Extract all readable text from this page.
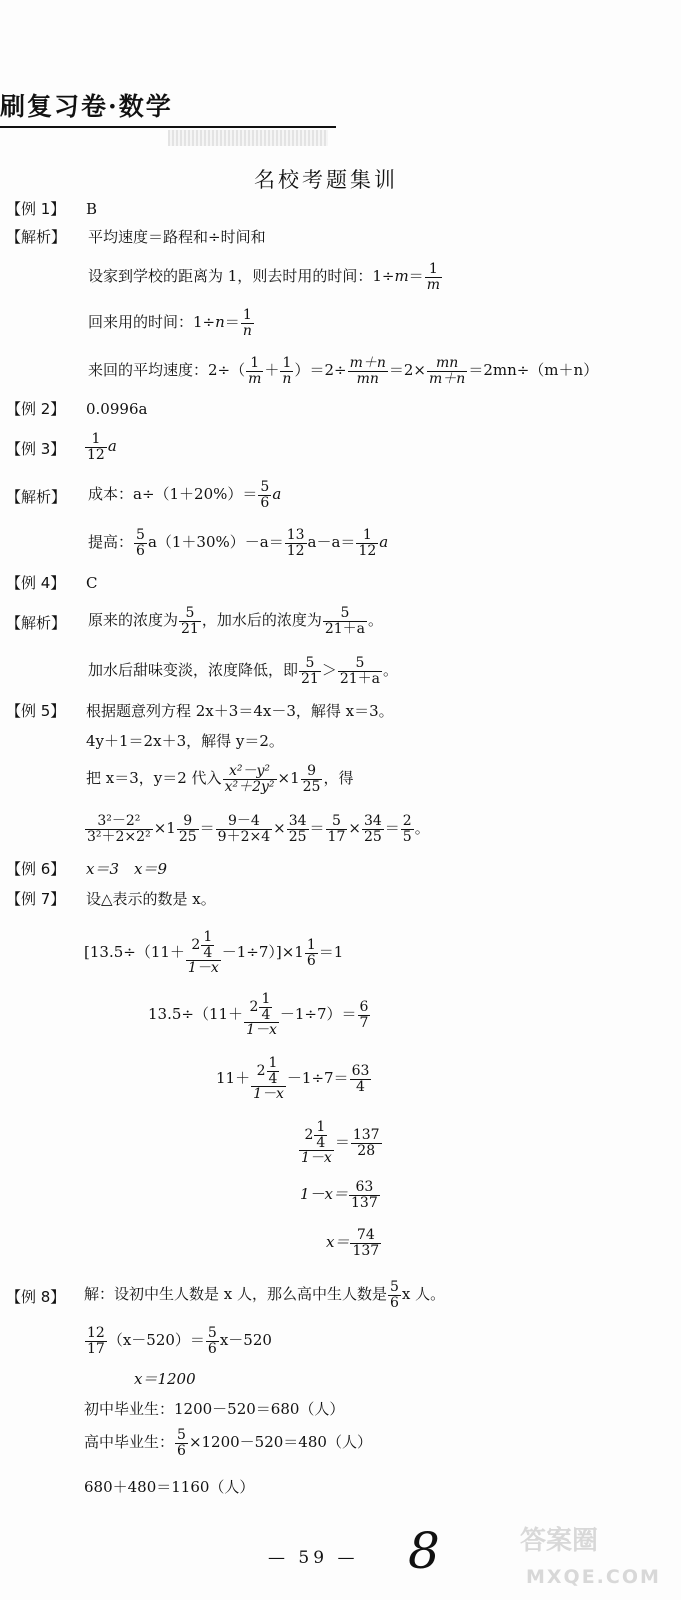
刷复习卷·数学
名校考题集训
【例 1】 B
【解析】 平均速度＝路程和÷时间和
设家到学校的距离为 1，则去时用的时间：$1\div m= \frac{1}{m}$
回来用的时间：$1\div n= \frac{1}{n}$
来回的平均速度：$2\div( \frac{1}{m} + \frac{1}{n} )=2\div \frac{m+n}{mn} =2\times \frac{mn}{m+n} =2mn\div(m+n)$
【例 2】 0.0996a
【例 3】 $\frac{1}{12}$ a
【解析】 成本：$a\div(1+20\%)= \frac{5}{6}$ a
提高： $\frac{5}{6} a(1+30\%)-a= \frac{13}{12} a-a= \frac{1}{12}$ a
【例 4】 C
【解析】 原来的浓度为 $\frac{5}{21}$ ，加水后的浓度为 $\frac{5}{21+a}$ 。
加水后甜味变淡，浓度降低，即 $\frac{5}{21} > \frac{5}{21+a}$ 。
【例 5】 根据题意列方程 2x＋3＝4x－3，解得 x＝3。
4y＋1＝2x＋3，解得 y＝2。
把 x＝3，y＝2 代入 $\frac{\text{x²－y²}}{\text{x²＋2y²}} \times 1 \frac{9}{25}$ ，得
$\frac{\text{3²－2²}}{\text{3²＋2×2²}} \times 1 \frac{9}{25} = \frac{9-4}{9+2\times 4} \times \frac{34}{25} = \frac{5}{17} \times \frac{34}{25} = \frac{2}{5}$ 。
【例 6】 x＝3　x＝9
【例 7】 设△表示的数是 x。
$[13.5\div(11+ \frac{2 \frac{1}{4}}{1-x} -1\div 7)]\times 1 \frac{1}{6} =1$
$13.5\div(11+ \frac{2 \frac{1}{4}}{1-x} -1\div 7)= \frac{6}{7}$
$11+ \frac{2 \frac{1}{4}}{1-x} -1\div 7= \frac{63}{4}$
$\frac{2 \frac{1}{4}}{1-x} = \frac{137}{28}$
$1-x= \frac{63}{137}$
$x= \frac{74}{137}$
【例 8】 解：设初中生人数是 x 人，那么高中生人数是 $\frac{5}{6}$ x 人。
$\frac{12}{17} (x-520)= \frac{5}{6} x-520$
x＝1200
初中毕业生：1200－520＝680（人）
高中毕业生： $\frac{5}{6} \times 1200-520=480$（人）
680＋480＝1160（人）
— 59 — 8	答案圈
MXQE.COM
